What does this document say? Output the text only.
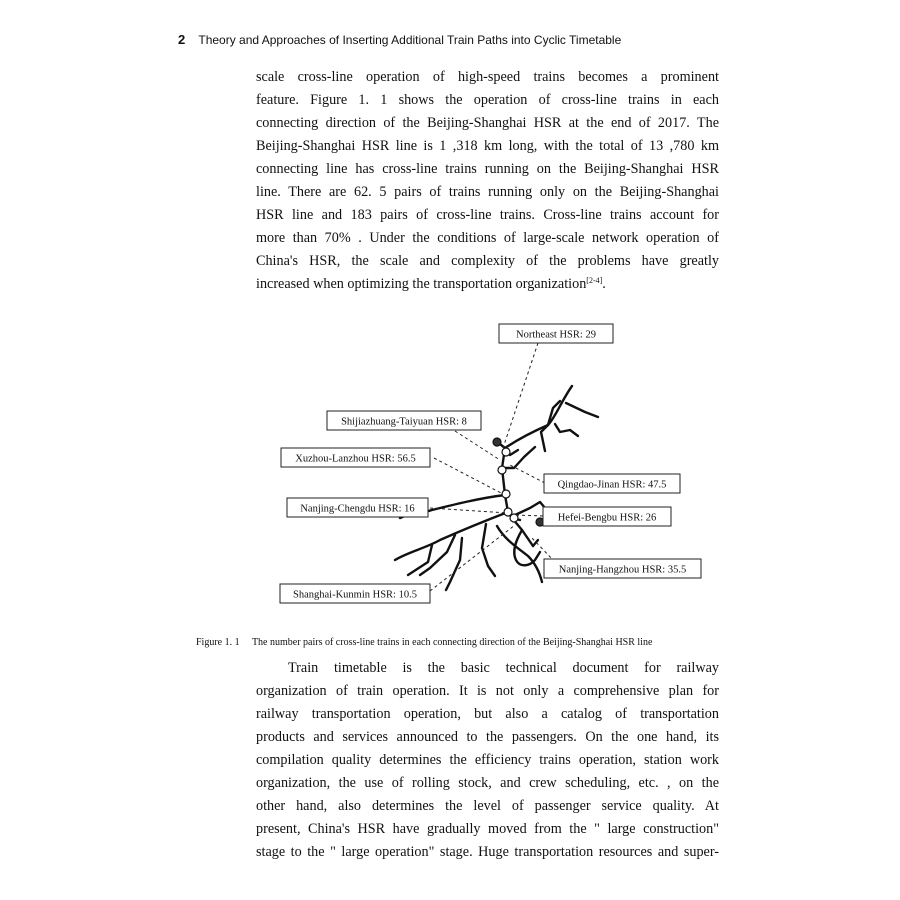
2 Theory and Approaches of Inserting Additional Train Paths into Cyclic Timetable
scale cross-line operation of high-speed trains becomes a prominent
feature. Figure 1. 1 shows the operation of cross-line trains in each
connecting direction of the Beijing-Shanghai HSR at the end of 2017. The
Beijing-Shanghai HSR line is 1 ,318 km long, with the total of 13 ,780 km
connecting line has cross-line trains running on the Beijing-Shanghai HSR
line. There are 62. 5 pairs of trains running only on the Beijing-Shanghai
HSR line and 183 pairs of cross-line trains. Cross-line trains account for
more than 70% . Under the conditions of large-scale network operation of
China's HSR, the scale and complexity of the problems have greatly
increased when optimizing the transportation organization[2-4].
Northeast HSR: 29
Shijiazhuang-Taiyuan HSR: 8
Xuzhou-Lanzhou HSR: 56.5
Qingdao-Jinan HSR: 47.5
Nanjing-Chengdu HSR: 16
Hefei-Bengbu HSR: 26
Nanjing-Hangzhou HSR: 35.5
Shanghai-Kunmin HSR: 10.5
Figure 1. 1 The number pairs of cross-line trains in each connecting direction of the Beijing-Shanghai HSR line
Train timetable is the basic technical document for railway
organization of train operation. It is not only a comprehensive plan for
railway transportation operation, but also a catalog of transportation
products and services announced to the passengers. On the one hand, its
compilation quality determines the efficiency trains operation, station work
organization, the use of rolling stock, and crew scheduling, etc. , on the
other hand, also determines the level of passenger service quality. At
present, China's HSR have gradually moved from the " large construction"
stage to the " large operation" stage. Huge transportation resources and super-
